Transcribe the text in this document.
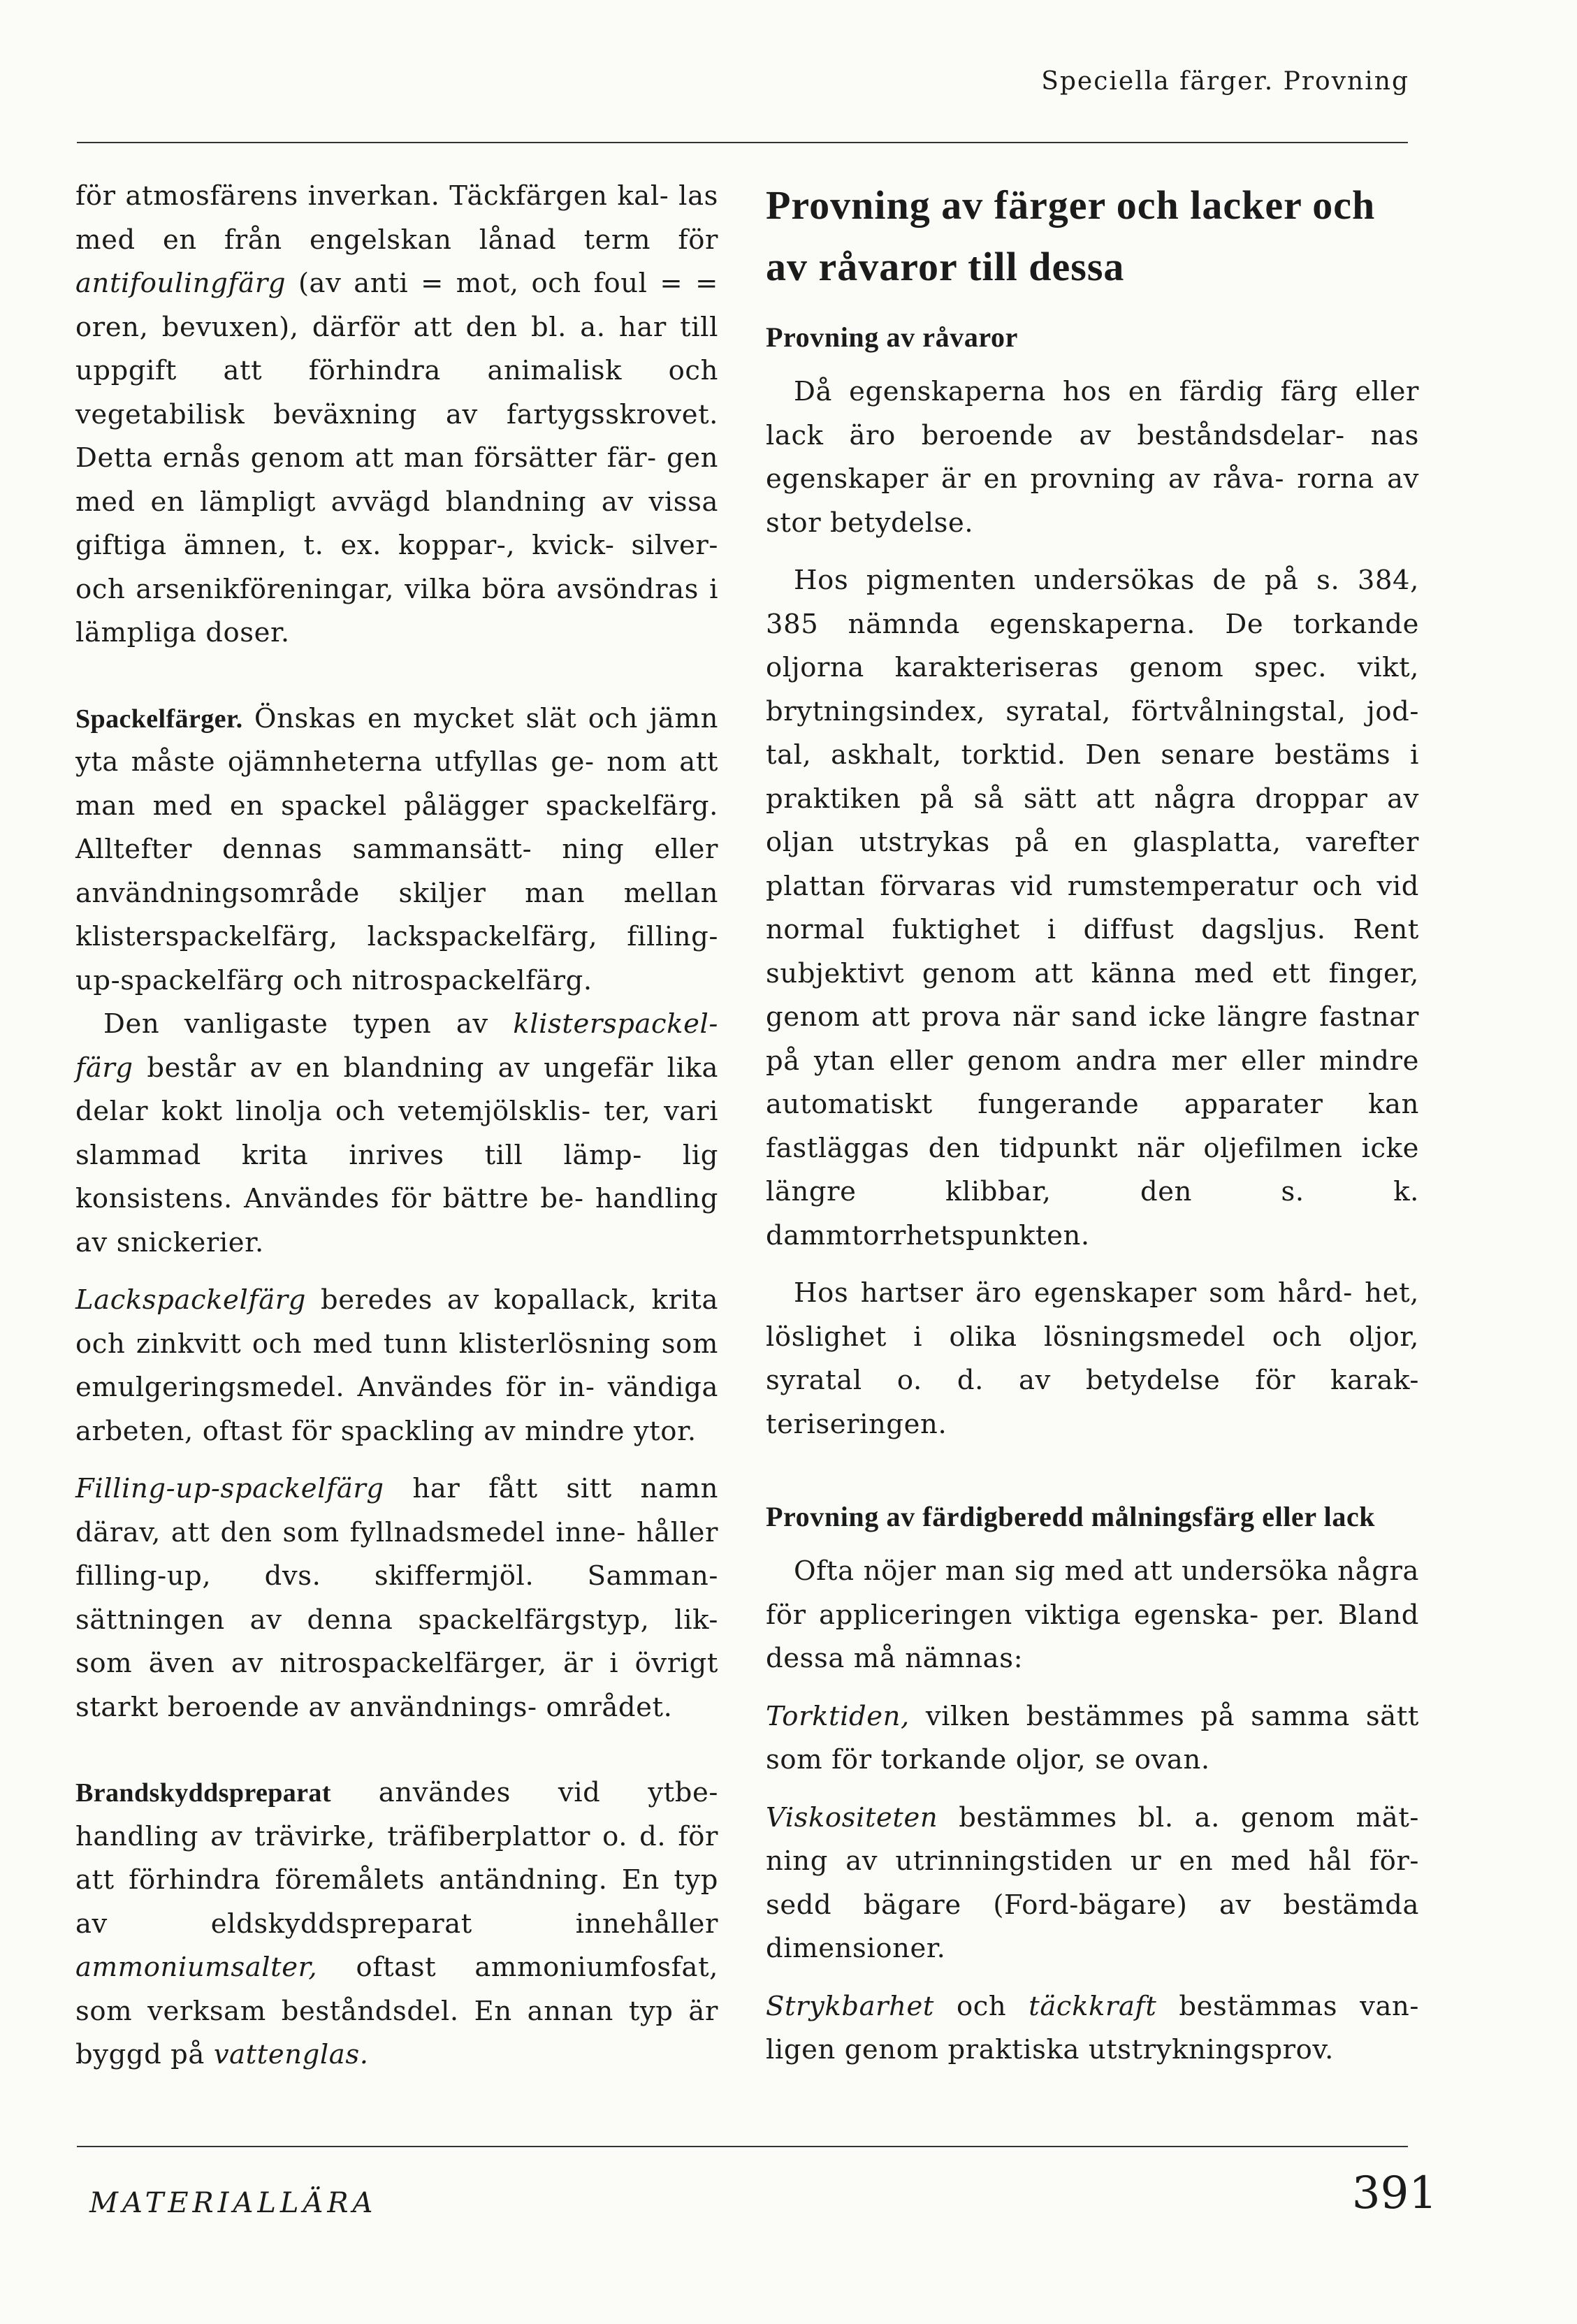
Speciella färger. Provning

för atmosfärens inverkan. Täckfärgen kal- las med en från engelskan lånad term för antifoulingfärg (av anti = mot, och foul = = oren, bevuxen), därför att den bl. a. har till uppgift att förhindra animalisk och vegetabilisk beväxning av fartygsskrovet. Detta ernås genom att man försätter fär- gen med en lämpligt avvägd blandning av vissa giftiga ämnen, t. ex. koppar-, kvick- silver- och arsenikföreningar, vilka böra avsöndras i lämpliga doser.

Spackelfärger. Önskas en mycket slät och jämn yta måste ojämnheterna utfyllas ge- nom att man med en spackel pålägger spackelfärg. Alltefter dennas sammansätt- ning eller användningsområde skiljer man mellan klisterspackelfärg, lackspackelfärg, filling-up-spackelfärg och nitrospackelfärg.

Den vanligaste typen av klisterspackel- färg består av en blandning av ungefär lika delar kokt linolja och vetemjölsklis- ter, vari slammad krita inrives till lämp- lig konsistens. Användes för bättre be- handling av snickerier.

Lackspackelfärg beredes av kopallack, krita och zinkvitt och med tunn klisterlösning som emulgeringsmedel. Användes för in- vändiga arbeten, oftast för spackling av mindre ytor.

Filling-up-spackelfärg har fått sitt namn därav, att den som fyllnadsmedel inne- håller filling-up, dvs. skiffermjöl. Samman- sättningen av denna spackelfärgstyp, lik- som även av nitrospackelfärger, är i övrigt starkt beroende av användnings- området.

Brandskyddspreparat användes vid ytbe- handling av trävirke, träfiberplattor o. d. för att förhindra föremålets antändning. En typ av eldskyddspreparat innehåller ammoniumsalter, oftast ammoniumfosfat, som verksam beståndsdel. En annan typ är byggd på vattenglas.

Provning av färger och lacker och av råvaror till dessa
Provning av råvaror

Då egenskaperna hos en färdig färg eller lack äro beroende av beståndsdelar- nas egenskaper är en provning av råva- rorna av stor betydelse.

Hos pigmenten undersökas de på s. 384, 385 nämnda egenskaperna. De torkande oljorna karakteriseras genom spec. vikt, brytningsindex, syratal, förtvålningstal, jod- tal, askhalt, torktid. Den senare bestäms i praktiken på så sätt att några droppar av oljan utstrykas på en glasplatta, varefter plattan förvaras vid rumstemperatur och vid normal fuktighet i diffust dagsljus. Rent subjektivt genom att känna med ett finger, genom att prova när sand icke längre fastnar på ytan eller genom andra mer eller mindre automatiskt fungerande apparater kan fastläggas den tidpunkt när oljefilmen icke längre klibbar, den s. k. dammtorrhetspunkten.

Hos hartser äro egenskaper som hård- het, löslighet i olika lösningsmedel och oljor, syratal o. d. av betydelse för karak- teriseringen.

Provning av färdigberedd målningsfärg eller lack

Ofta nöjer man sig med att undersöka några för appliceringen viktiga egenska- per. Bland dessa må nämnas:

Torktiden, vilken bestämmes på samma sätt som för torkande oljor, se ovan.

Viskositeten bestämmes bl. a. genom mät- ning av utrinningstiden ur en med hål för- sedd bägare (Ford-bägare) av bestämda dimensioner.

Strykbarhet och täckkraft bestämmas van- ligen genom praktiska utstrykningsprov.

MATERIALLÄRA	391
